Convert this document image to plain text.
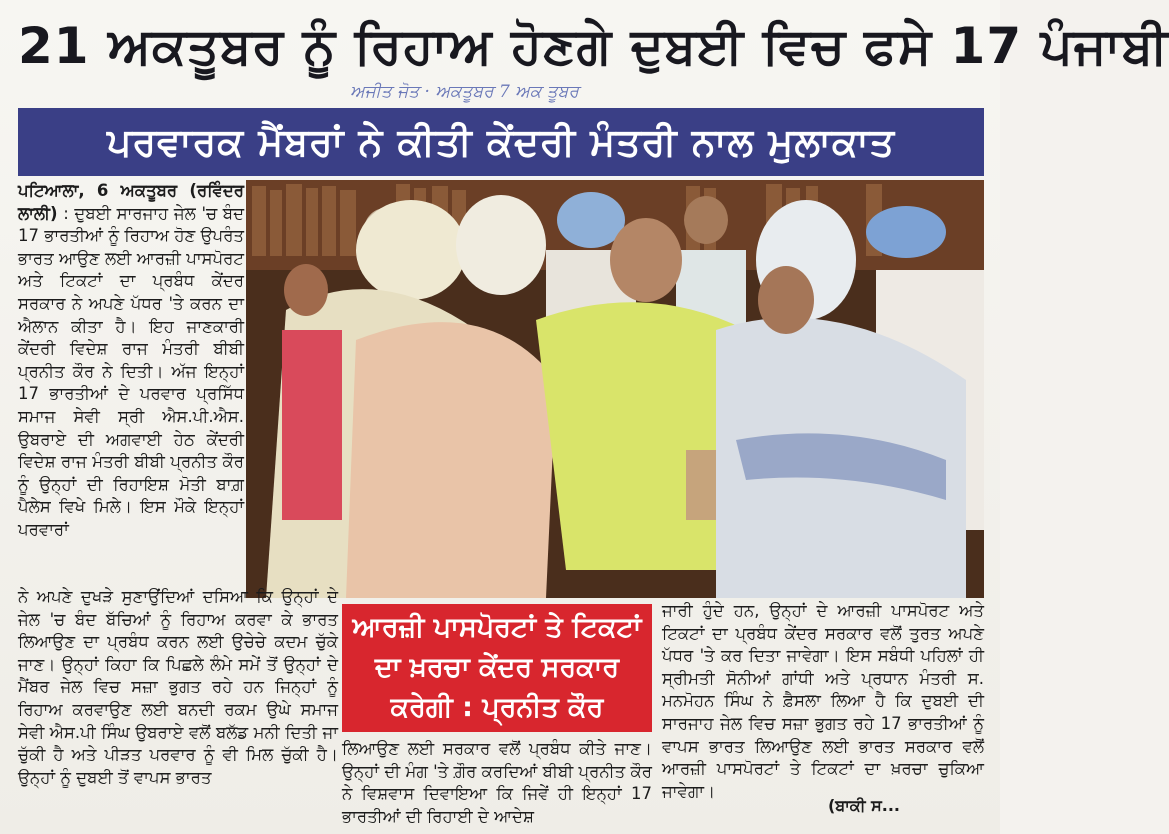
21 ਅਕਤੂਬਰ ਨੂੰ ਰਿਹਾਅ ਹੋਣਗੇ ਦੁਬਈ ਵਿਚ ਫਸੇ 17 ਪੰਜਾਬੀ
ਅਜੀਤ ਜੋਤ · ਅਕਤੂਬਰ 7 ਅਕ ਤੂਬਰ
ਪਰਵਾਰਕ ਮੈਂਬਰਾਂ ਨੇ ਕੀਤੀ ਕੇਂਦਰੀ ਮੰਤਰੀ ਨਾਲ ਮੁਲਾਕਾਤ
ਪਟਿਆਲਾ, 6 ਅਕਤੂਬਰ (ਰਵਿੰਦਰ ਲਾਲੀ) : ਦੁਬਈ ਸਾਰਜਾਹ ਜੇਲ 'ਚ ਬੰਦ 17 ਭਾਰਤੀਆਂ ਨੂੰ ਰਿਹਾਅ ਹੋਣ ਉਪਰੰਤ ਭਾਰਤ ਆਉਣ ਲਈ ਆਰਜ਼ੀ ਪਾਸਪੋਰਟ ਅਤੇ ਟਿਕਟਾਂ ਦਾ ਪ੍ਰਬੰਧ ਕੇਂਦਰ ਸਰਕਾਰ ਨੇ ਅਪਣੇ ਪੱਧਰ 'ਤੇ ਕਰਨ ਦਾ ਐਲਾਨ ਕੀਤਾ ਹੈ। ਇਹ ਜਾਣਕਾਰੀ ਕੇਂਦਰੀ ਵਿਦੇਸ਼ ਰਾਜ ਮੰਤਰੀ ਬੀਬੀ ਪ੍ਰਨੀਤ ਕੌਰ ਨੇ ਦਿਤੀ। ਅੱਜ ਇਨ੍ਹਾਂ 17 ਭਾਰਤੀਆਂ ਦੇ ਪਰਵਾਰ ਪ੍ਰਸਿੱਧ ਸਮਾਜ ਸੇਵੀ ਸ੍ਰੀ ਐਸ.ਪੀ.ਐਸ. ਉਬਰਾਏ ਦੀ ਅਗਵਾਈ ਹੇਠ ਕੇਂਦਰੀ ਵਿਦੇਸ਼ ਰਾਜ ਮੰਤਰੀ ਬੀਬੀ ਪ੍ਰਨੀਤ ਕੌਰ ਨੂੰ ਉਨ੍ਹਾਂ ਦੀ ਰਿਹਾਇਸ਼ ਮੋਤੀ ਬਾਗ਼ ਪੈਲੇਸ ਵਿਖੇ ਮਿਲੇ। ਇਸ ਮੌਕੇ ਇਨ੍ਹਾਂ ਪਰਵਾਰਾਂ
ਨੇ ਅਪਣੇ ਦੁਖੜੇ ਸੁਣਾਉਂਦਿਆਂ ਦਸਿਆ ਕਿ ਉਨ੍ਹਾਂ ਦੇ ਜੇਲ 'ਚ ਬੰਦ ਬੱਚਿਆਂ ਨੂੰ ਰਿਹਾਅ ਕਰਵਾ ਕੇ ਭਾਰਤ ਲਿਆਉਣ ਦਾ ਪ੍ਰਬੰਧ ਕਰਨ ਲਈ ਉਚੇਚੇ ਕਦਮ ਚੁੱਕੇ ਜਾਣ। ਉਨ੍ਹਾਂ ਕਿਹਾ ਕਿ ਪਿਛਲੇ ਲੰਮੇ ਸਮੇਂ ਤੋਂ ਉਨ੍ਹਾਂ ਦੇ ਮੈਂਬਰ ਜੇਲ ਵਿਚ ਸਜ਼ਾ ਭੁਗਤ ਰਹੇ ਹਨ ਜਿਨ੍ਹਾਂ ਨੂੰ ਰਿਹਾਅ ਕਰਵਾਉਣ ਲਈ ਬਨਦੀ ਰਕਮ ਉਘੇ ਸਮਾਜ ਸੇਵੀ ਐਸ.ਪੀ ਸਿੰਘ ਉਬਰਾਏ ਵਲੋਂ ਬਲੱਡ ਮਨੀ ਦਿਤੀ ਜਾ ਚੁੱਕੀ ਹੈ ਅਤੇ ਪੀੜਤ ਪਰਵਾਰ ਨੂੰ ਵੀ ਮਿਲ ਚੁੱਕੀ ਹੈ। ਉਨ੍ਹਾਂ ਨੂੰ ਦੁਬਈ ਤੋਂ ਵਾਪਸ ਭਾਰਤ
ਆਰਜ਼ੀ ਪਾਸਪੋਰਟਾਂ ਤੇ ਟਿਕਟਾਂ
ਦਾ ਖ਼ਰਚਾ ਕੇਂਦਰ ਸਰਕਾਰ
ਕਰੇਗੀ : ਪ੍ਰਨੀਤ ਕੌਰ
ਲਿਆਉਣ ਲਈ ਸਰਕਾਰ ਵਲੋਂ ਪ੍ਰਬੰਧ ਕੀਤੇ ਜਾਣ। ਉਨ੍ਹਾਂ ਦੀ ਮੰਗ 'ਤੇ ਗ਼ੌਰ ਕਰਦਿਆਂ ਬੀਬੀ ਪ੍ਰਨੀਤ ਕੌਰ ਨੇ ਵਿਸ਼ਵਾਸ ਦਿਵਾਇਆ ਕਿ ਜਿਵੇਂ ਹੀ ਇਨ੍ਹਾਂ 17 ਭਾਰਤੀਆਂ ਦੀ ਰਿਹਾਈ ਦੇ ਆਦੇਸ਼
ਜਾਰੀ ਹੁੰਦੇ ਹਨ, ਉਨ੍ਹਾਂ ਦੇ ਆਰਜ਼ੀ ਪਾਸਪੋਰਟ ਅਤੇ ਟਿਕਟਾਂ ਦਾ ਪ੍ਰਬੰਧ ਕੇਂਦਰ ਸਰਕਾਰ ਵਲੋਂ ਤੁਰਤ ਅਪਣੇ ਪੱਧਰ 'ਤੇ ਕਰ ਦਿਤਾ ਜਾਵੇਗਾ। ਇਸ ਸਬੰਧੀ ਪਹਿਲਾਂ ਹੀ ਸ੍ਰੀਮਤੀ ਸੋਨੀਆਂ ਗਾਂਧੀ ਅਤੇ ਪ੍ਰਧਾਨ ਮੰਤਰੀ ਸ. ਮਨਮੋਹਨ ਸਿੰਘ ਨੇ ਫ਼ੈਸਲਾ ਲਿਆ ਹੈ ਕਿ ਦੁਬਈ ਦੀ ਸਾਰਜਾਹ ਜੇਲ ਵਿਚ ਸਜ਼ਾ ਭੁਗਤ ਰਹੇ 17 ਭਾਰਤੀਆਂ ਨੂੰ ਵਾਪਸ ਭਾਰਤ ਲਿਆਉਣ ਲਈ ਭਾਰਤ ਸਰਕਾਰ ਵਲੋਂ ਆਰਜ਼ੀ ਪਾਸਪੋਰਟਾਂ ਤੇ ਟਿਕਟਾਂ ਦਾ ਖ਼ਰਚਾ ਚੁਕਿਆ ਜਾਵੇਗਾ।
(ਬਾਕੀ ਸ...
